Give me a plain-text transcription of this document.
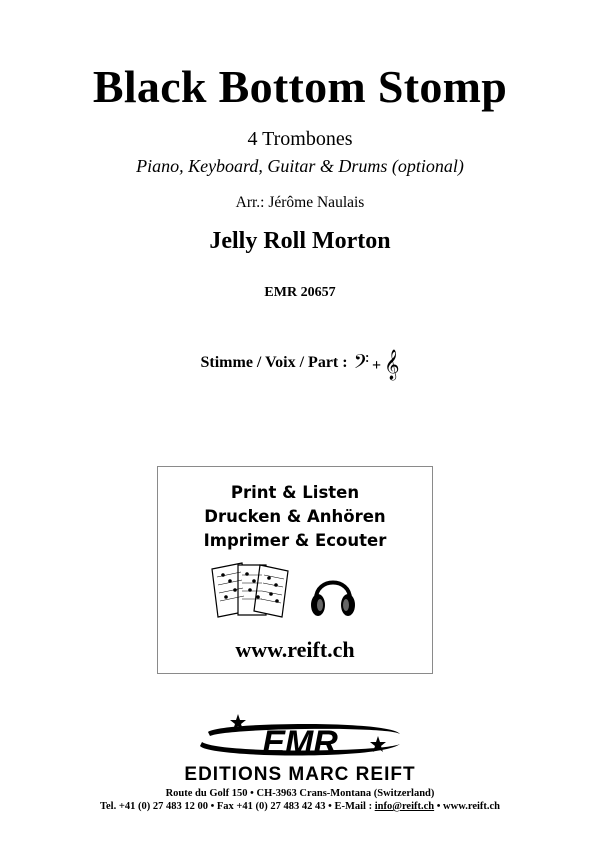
Black Bottom Stomp
4 Trombones
Piano, Keyboard, Guitar & Drums (optional)
Arr.: Jérôme Naulais
Jelly Roll Morton
EMR 20657
Stimme / Voix / Part : 𝄢 + 𝄞
Print & Listen
Drucken & Anhören
Imprimer & Ecouter
www.reift.ch
EMR
EDITIONS MARC REIFT
Route du Golf 150 • CH-3963 Crans-Montana (Switzerland)
Tel. +41 (0) 27 483 12 00 • Fax +41 (0) 27 483 42 43 • E-Mail : info@reift.ch • www.reift.ch
